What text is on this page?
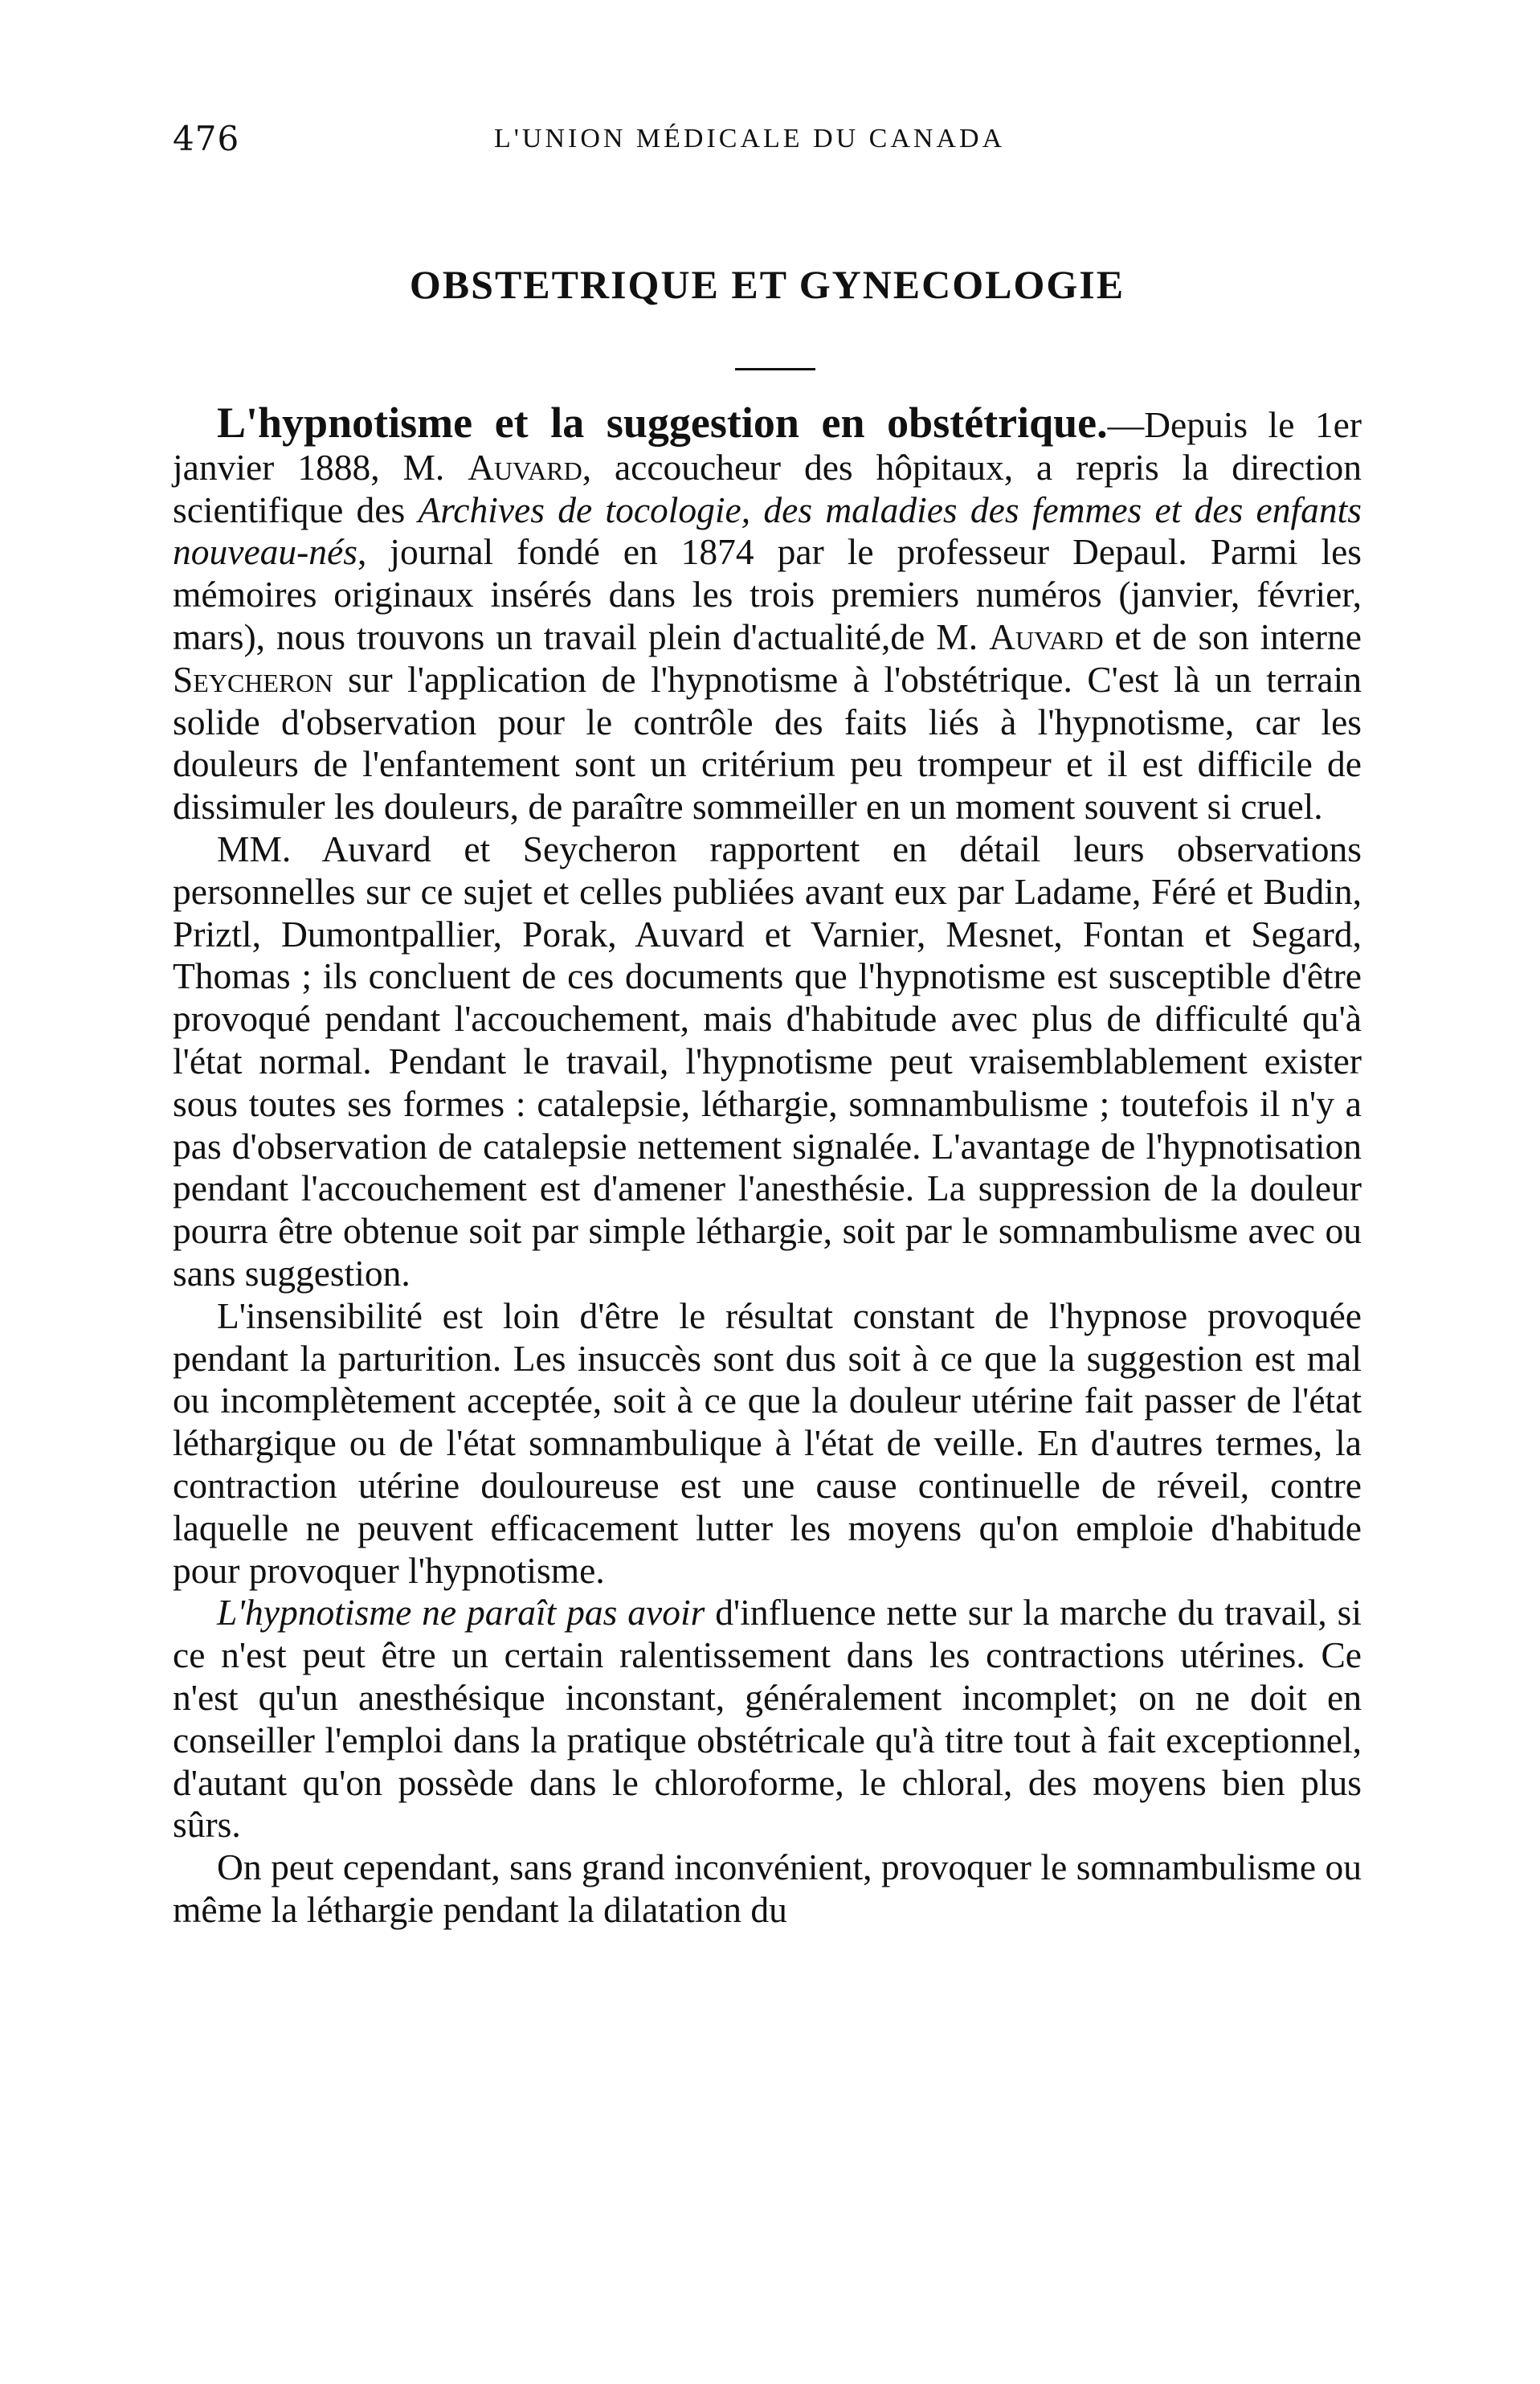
476	L'UNION MÉDICALE DU CANADA
OBSTETRIQUE ET GYNECOLOGIE

L'hypnotisme et la suggestion en obstétrique.—Depuis le 1er janvier 1888, M. Auvard, accoucheur des hôpitaux, a repris la direction scientifique des Archives de tocologie, des maladies des femmes et des enfants nouveau-nés, journal fondé en 1874 par le professeur Depaul. Parmi les mémoires originaux insérés dans les trois premiers numéros (janvier, février, mars), nous trouvons un travail plein d'actualité,de M. Auvard et de son interne Seycheron sur l'application de l'hypnotisme à l'obstétrique. C'est là un terrain solide d'observation pour le contrôle des faits liés à l'hypnotisme, car les douleurs de l'enfantement sont un critérium peu trompeur et il est difficile de dissimuler les douleurs, de paraître sommeiller en un moment souvent si cruel.

MM. Auvard et Seycheron rapportent en détail leurs observations personnelles sur ce sujet et celles publiées avant eux par Ladame, Féré et Budin, Priztl, Dumontpallier, Porak, Auvard et Varnier, Mesnet, Fontan et Segard, Thomas ; ils concluent de ces documents que l'hypnotisme est susceptible d'être provoqué pendant l'accouchement, mais d'habitude avec plus de difficulté qu'à l'état normal. Pendant le travail, l'hypnotisme peut vraisemblablement exister sous toutes ses formes : catalepsie, léthargie, somnambulisme ; toutefois il n'y a pas d'observation de catalepsie nettement signalée. L'avantage de l'hypnotisation pendant l'accouchement est d'amener l'anesthésie. La suppression de la douleur pourra être obtenue soit par simple léthargie, soit par le somnambulisme avec ou sans suggestion.

L'insensibilité est loin d'être le résultat constant de l'hypnose provoquée pendant la parturition. Les insuccès sont dus soit à ce que la suggestion est mal ou incomplètement acceptée, soit à ce que la douleur utérine fait passer de l'état léthargique ou de l'état somnambulique à l'état de veille. En d'autres termes, la contraction utérine douloureuse est une cause continuelle de réveil, contre laquelle ne peuvent efficacement lutter les moyens qu'on emploie d'habitude pour provoquer l'hypnotisme.

L'hypnotisme ne paraît pas avoir d'influence nette sur la marche du travail, si ce n'est peut être un certain ralentissement dans les contractions utérines. Ce n'est qu'un anesthésique inconstant, généralement incomplet; on ne doit en conseiller l'emploi dans la pratique obstétricale qu'à titre tout à fait exceptionnel, d'autant qu'on possède dans le chloroforme, le chloral, des moyens bien plus sûrs.

On peut cependant, sans grand inconvénient, provoquer le somnambulisme ou même la léthargie pendant la dilatation du
